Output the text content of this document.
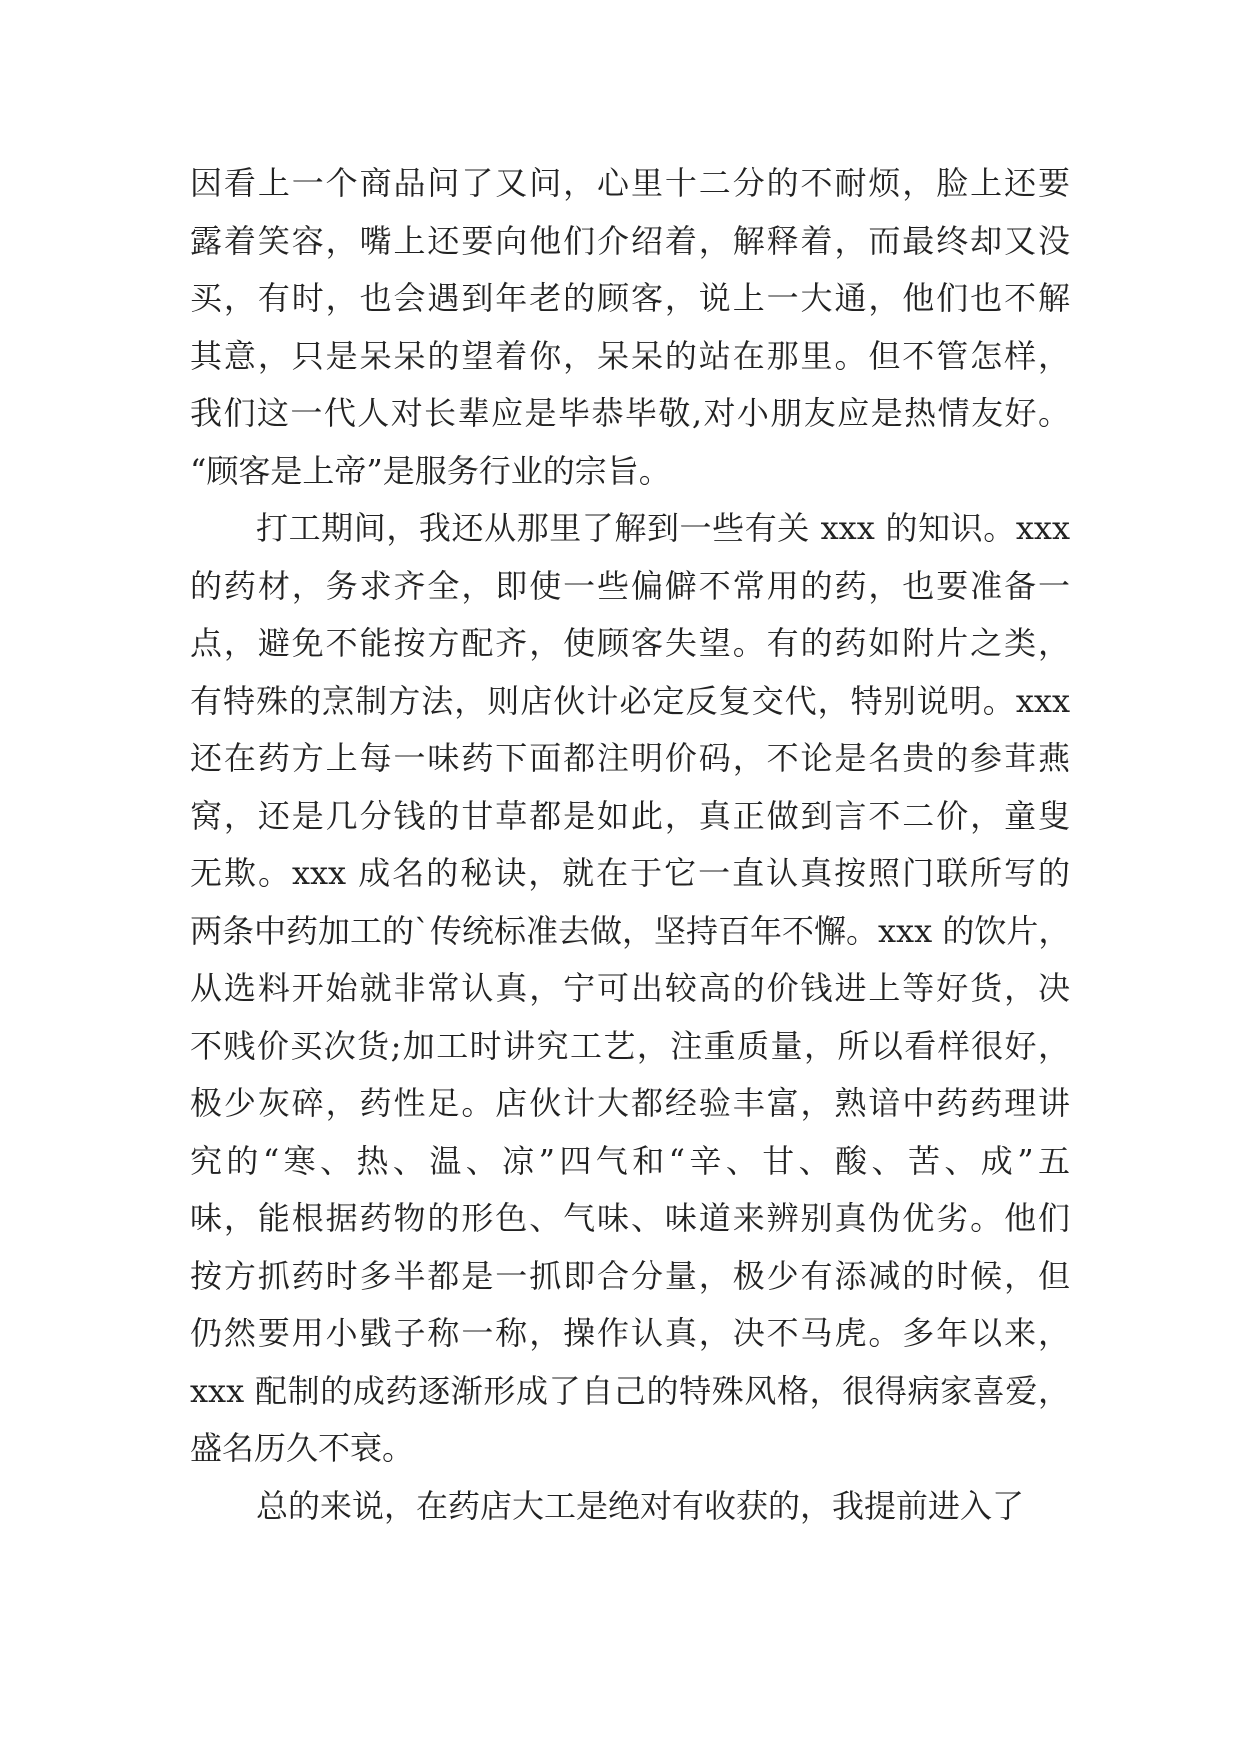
因看上一个商品问了又问，心里十二分的不耐烦，脸上还要
露着笑容，嘴上还要向他们介绍着，解释着，而最终却又没
买，有时，也会遇到年老的顾客，说上一大通，他们也不解
其意，只是呆呆的望着你，呆呆的站在那里。但不管怎样，
我们这一代人对长辈应是毕恭毕敬,对小朋友应是热情友好。
“顾客是上帝”是服务行业的宗旨。
打工期间，我还从那里了解到一些有关 xxx 的知识。xxx
的药材，务求齐全，即使一些偏僻不常用的药，也要准备一
点，避免不能按方配齐，使顾客失望。有的药如附片之类，
有特殊的烹制方法，则店伙计必定反复交代，特别说明。xxx
还在药方上每一味药下面都注明价码，不论是名贵的参茸燕
窝，还是几分钱的甘草都是如此，真正做到言不二价，童叟
无欺。xxx 成名的秘诀，就在于它一直认真按照门联所写的
两条中药加工的`传统标准去做，坚持百年不懈。xxx 的饮片，
从选料开始就非常认真，宁可出较高的价钱进上等好货，决
不贱价买次货;加工时讲究工艺，注重质量，所以看样很好，
极少灰碎，药性足。店伙计大都经验丰富，熟谙中药药理讲
究的“寒、热、温、凉”四气和“辛、甘、酸、苦、成”五
味，能根据药物的形色、气味、味道来辨别真伪优劣。他们
按方抓药时多半都是一抓即合分量，极少有添减的时候，但
仍然要用小戥子称一称，操作认真，决不马虎。多年以来，
xxx 配制的成药逐渐形成了自己的特殊风格，很得病家喜爱，
盛名历久不衰。
总的来说，在药店大工是绝对有收获的，我提前进入了
